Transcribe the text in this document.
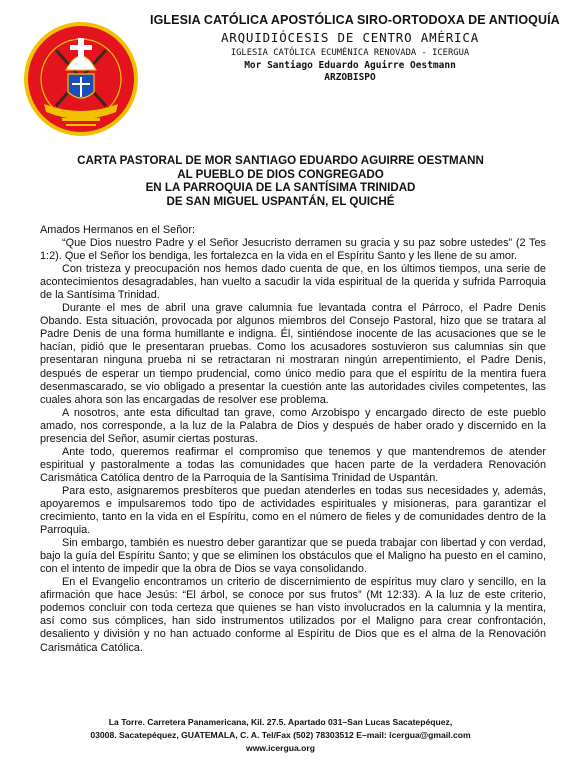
IGLESIA CATÓLICA APOSTÓLICA SIRO-ORTODOXA DE ANTIOQUÍA
ARQUIDIÓCESIS DE CENTRO AMÉRICA
IGLESIA CATÓLICA ECUMÉNICA RENOVADA - ICERGUA
Mor Santiago Eduardo Aguirre Oestmann
ARZOBISPO
CARTA PASTORAL DE MOR SANTIAGO EDUARDO AGUIRRE OESTMANN
AL PUEBLO DE DIOS CONGREGADO
EN LA PARROQUIA DE LA SANTÍSIMA TRINIDAD
DE SAN MIGUEL USPANTÁN, EL QUICHÉ

Amados Hermanos en el Señor:

“Que Dios nuestro Padre y el Señor Jesucristo derramen su gracia y su paz sobre ustedes” (2 Tes 1:2). Que el Señor los bendiga, les fortalezca en la vida en el Espíritu Santo y les llene de su amor.

Con tristeza y preocupación nos hemos dado cuenta de que, en los últimos tiempos, una serie de acontecimientos desagradables, han vuelto a sacudir la vida espiritual de la querida y sufrida Parroquia de la Santísima Trinidad.

Durante el mes de abril una grave calumnia fue levantada contra el Párroco, el Padre Denis Obando. Esta situación, provocada por algunos miembros del Consejo Pastoral, hizo que se tratara al Padre Denis de una forma humillante e indigna. Él, sintiéndose inocente de las acusaciones que se le hacían, pidió que le presentaran pruebas. Como los acusadores sostuvieron sus calumnias sin que presentaran ninguna prueba ni se retractaran ni mostraran ningún arrepentimiento, el Padre Denis, después de esperar un tiempo prudencial, como único medio para que el espíritu de la mentira fuera desenmascarado, se vio obligado a presentar la cuestión ante las autoridades civiles competentes, las cuales ahora son las encargadas de resolver ese problema.

A nosotros, ante esta dificultad tan grave, como Arzobispo y encargado directo de este pueblo amado, nos corresponde, a la luz de la Palabra de Dios y después de haber orado y discernido en la presencia del Señor, asumir ciertas posturas.

Ante todo, queremos reafirmar el compromiso que tenemos y que mantendremos de atender espiritual y pastoralmente a todas las comunidades que hacen parte de la verdadera Renovación Carismática Católica dentro de la Parroquia de la Santísima Trinidad de Uspantán.

Para esto, asignaremos presbíteros que puedan atenderles en todas sus necesidades y, además, apoyaremos e impulsaremos todo tipo de actividades espirituales y misioneras, para garantizar el crecimiento, tanto en la vida en el Espíritu, como en el número de fieles y de comunidades dentro de la Parroquia.

Sin embargo, también es nuestro deber garantizar que se pueda trabajar con libertad y con verdad, bajo la guía del Espíritu Santo; y que se eliminen los obstáculos que el Maligno ha puesto en el camino, con el intento de impedir que la obra de Dios se vaya consolidando.

En el Evangelio encontramos un criterio de discernimiento de espíritus muy claro y sencillo, en la afirmación que hace Jesús: “El árbol, se conoce por sus frutos” (Mt 12:33). A la luz de este criterio, podemos concluir con toda certeza que quienes se han visto involucrados en la calumnia y la mentira, así como sus cómplices, han sido instrumentos utilizados por el Maligno para crear confrontación, desaliento y división y no han actuado conforme al Espíritu de Dios que es el alma de la Renovación Carismática Católica.

La Torre. Carretera Panamericana, Kil. 27.5. Apartado 031–San Lucas Sacatepéquez,
03008. Sacatepéquez, GUATEMALA, C. A. Tel/Fax (502) 78303512 E–mail: icergua@gmail.com
www.icergua.org
